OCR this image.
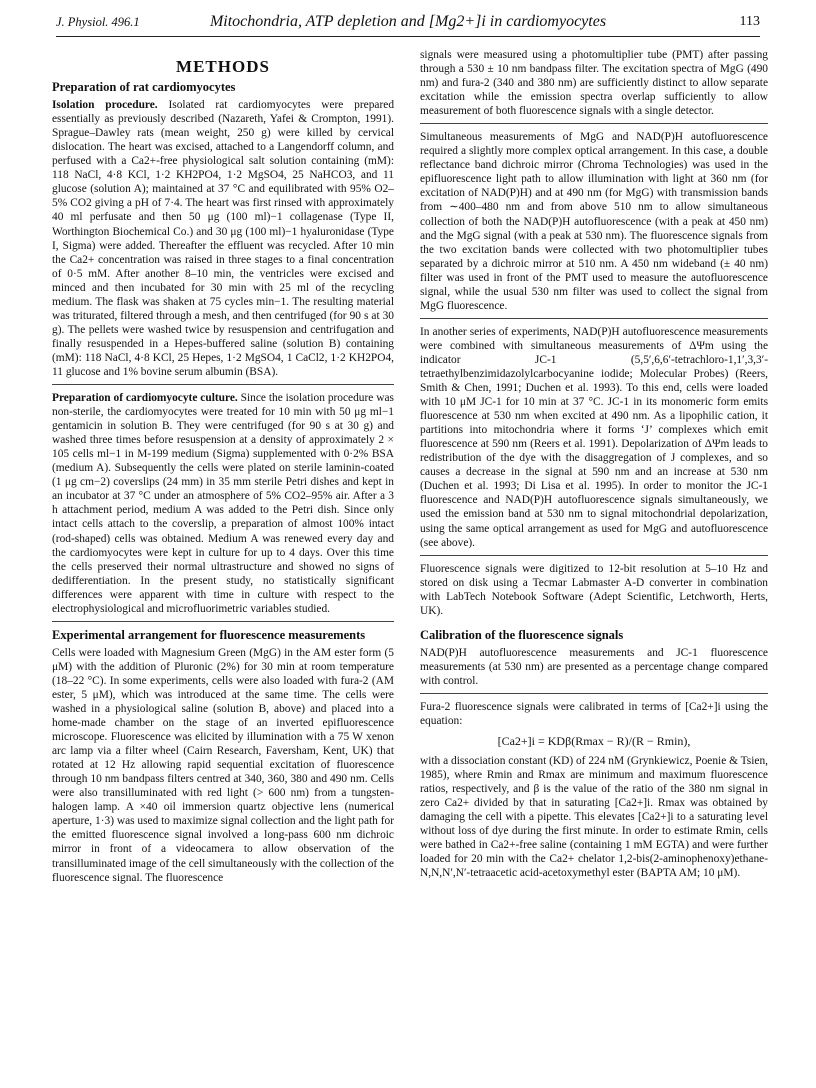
J. Physiol. 496.1	Mitochondria, ATP depletion and [Mg2+]i in cardiomyocytes	113
METHODS
Preparation of rat cardiomyocytes

Isolation procedure. Isolated rat cardiomyocytes were prepared essentially as previously described (Nazareth, Yafei & Crompton, 1991). Sprague–Dawley rats (mean weight, 250 g) were killed by cervical dislocation. The heart was excised, attached to a Langendorff column, and perfused with a Ca2+-free physiological salt solution containing (mM): 118 NaCl, 4·8 KCl, 1·2 KH2PO4, 1·2 MgSO4, 25 NaHCO3, and 11 glucose (solution A); maintained at 37 °C and equilibrated with 95% O2–5% CO2 giving a pH of 7·4. The heart was first rinsed with approximately 40 ml perfusate and then 50 μg (100 ml)−1 collagenase (Type II, Worthington Biochemical Co.) and 30 μg (100 ml)−1 hyaluronidase (Type I, Sigma) were added. Thereafter the effluent was recycled. After 10 min the Ca2+ concentration was raised in three stages to a final concentration of 0·5 mM. After another 8–10 min, the ventricles were excised and minced and then incubated for 30 min with 25 ml of the recycling medium. The flask was shaken at 75 cycles min−1. The resulting material was triturated, filtered through a mesh, and then centrifuged (for 90 s at 30 g). The pellets were washed twice by resuspension and centrifugation and finally resuspended in a Hepes-buffered saline (solution B) containing (mM): 118 NaCl, 4·8 KCl, 25 Hepes, 1·2 MgSO4, 1 CaCl2, 1·2 KH2PO4, 11 glucose and 1% bovine serum albumin (BSA).

Preparation of cardiomyocyte culture. Since the isolation procedure was non-sterile, the cardiomyocytes were treated for 10 min with 50 μg ml−1 gentamicin in solution B. They were centrifuged (for 90 s at 30 g) and washed three times before resuspension at a density of approximately 2 × 105 cells ml−1 in M-199 medium (Sigma) supplemented with 0·2% BSA (medium A). Subsequently the cells were plated on sterile laminin-coated (1 μg cm−2) coverslips (24 mm) in 35 mm sterile Petri dishes and kept in an incubator at 37 °C under an atmosphere of 5% CO2–95% air. After a 3 h attachment period, medium A was added to the Petri dish. Since only intact cells attach to the coverslip, a preparation of almost 100% intact (rod-shaped) cells was obtained. Medium A was renewed every day and the cardiomyocytes were kept in culture for up to 4 days. Over this time the cells preserved their normal ultrastructure and showed no signs of dedifferentiation. In the present study, no statistically significant differences were apparent with time in culture with respect to the electrophysiological and microfluorimetric variables studied.

Experimental arrangement for fluorescence measurements

Cells were loaded with Magnesium Green (MgG) in the AM ester form (5 μM) with the addition of Pluronic (2%) for 30 min at room temperature (18–22 °C). In some experiments, cells were also loaded with fura-2 (AM ester, 5 μM), which was introduced at the same time. The cells were washed in a physiological saline (solution B, above) and placed into a home-made chamber on the stage of an inverted epifluorescence microscope. Fluorescence was elicited by illumination with a 75 W xenon arc lamp via a filter wheel (Cairn Research, Faversham, Kent, UK) that rotated at 12 Hz allowing rapid sequential excitation of fluorescence through 10 nm bandpass filters centred at 340, 360, 380 and 490 nm. Cells were also transilluminated with red light (> 600 nm) from a tungsten-halogen lamp. A ×40 oil immersion quartz objective lens (numerical aperture, 1·3) was used to maximize signal collection and the light path for the emitted fluorescence signal involved a long-pass 600 nm dichroic mirror in front of a videocamera to allow observation of the transilluminated image of the cell simultaneously with the collection of the fluorescence signal. The fluorescence

signals were measured using a photomultiplier tube (PMT) after passing through a 530 ± 10 nm bandpass filter. The excitation spectra of MgG (490 nm) and fura-2 (340 and 380 nm) are sufficiently distinct to allow separate excitation while the emission spectra overlap sufficiently to allow measurement of both fluorescence signals with a single detector.

Simultaneous measurements of MgG and NAD(P)H autofluorescence required a slightly more complex optical arrangement. In this case, a double reflectance band dichroic mirror (Chroma Technologies) was used in the epifluorescence light path to allow illumination with light at 360 nm (for excitation of NAD(P)H) and at 490 nm (for MgG) with transmission bands from ∼400–480 nm and from above 510 nm to allow simultaneous collection of both the NAD(P)H autofluorescence (with a peak at 450 nm) and the MgG signal (with a peak at 530 nm). The fluorescence signals from the two excitation bands were collected with two photomultiplier tubes separated by a dichroic mirror at 510 nm. A 450 nm wideband (± 40 nm) filter was used in front of the PMT used to measure the autofluorescence signal, while the usual 530 nm filter was used to collect the signal from MgG fluorescence.

In another series of experiments, NAD(P)H autofluorescence measurements were combined with simultaneous measurements of ΔΨm using the indicator JC-1 (5,5′,6,6′-tetrachloro-1,1′,3,3′-tetraethylbenzimidazolylcarbocyanine iodide; Molecular Probes) (Reers, Smith & Chen, 1991; Duchen et al. 1993). To this end, cells were loaded with 10 μM JC-1 for 10 min at 37 °C. JC-1 in its monomeric form emits fluorescence at 530 nm when excited at 490 nm. As a lipophilic cation, it partitions into mitochondria where it forms ‘J’ complexes which emit fluorescence at 590 nm (Reers et al. 1991). Depolarization of ΔΨm leads to redistribution of the dye with the disaggregation of J complexes, and so causes a decrease in the signal at 590 nm and an increase at 530 nm (Duchen et al. 1993; Di Lisa et al. 1995). In order to monitor the JC-1 fluorescence and NAD(P)H autofluorescence signals simultaneously, we used the emission band at 530 nm to signal mitochondrial depolarization, using the same optical arrangement as used for MgG and autofluorescence (see above).

Fluorescence signals were digitized to 12-bit resolution at 5–10 Hz and stored on disk using a Tecmar Labmaster A-D converter in combination with LabTech Notebook Software (Adept Scientific, Letchworth, Herts, UK).

Calibration of the fluorescence signals

NAD(P)H autofluorescence measurements and JC-1 fluorescence measurements (at 530 nm) are presented as a percentage change compared with control.

Fura-2 fluorescence signals were calibrated in terms of [Ca2+]i using the equation:

[Ca2+]i = KDβ(Rmax − R)/(R − Rmin),

with a dissociation constant (KD) of 224 nM (Grynkiewicz, Poenie & Tsien, 1985), where Rmin and Rmax are minimum and maximum fluorescence ratios, respectively, and β is the value of the ratio of the 380 nm signal in zero Ca2+ divided by that in saturating [Ca2+]i. Rmax was obtained by damaging the cell with a pipette. This elevates [Ca2+]i to a saturating level without loss of dye during the first minute. In order to estimate Rmin, cells were bathed in Ca2+-free saline (containing 1 mM EGTA) and were further loaded for 20 min with the Ca2+ chelator 1,2-bis(2-aminophenoxy)ethane-N,N,N′,N′-tetraacetic acid-acetoxymethyl ester (BAPTA AM; 10 μM).
